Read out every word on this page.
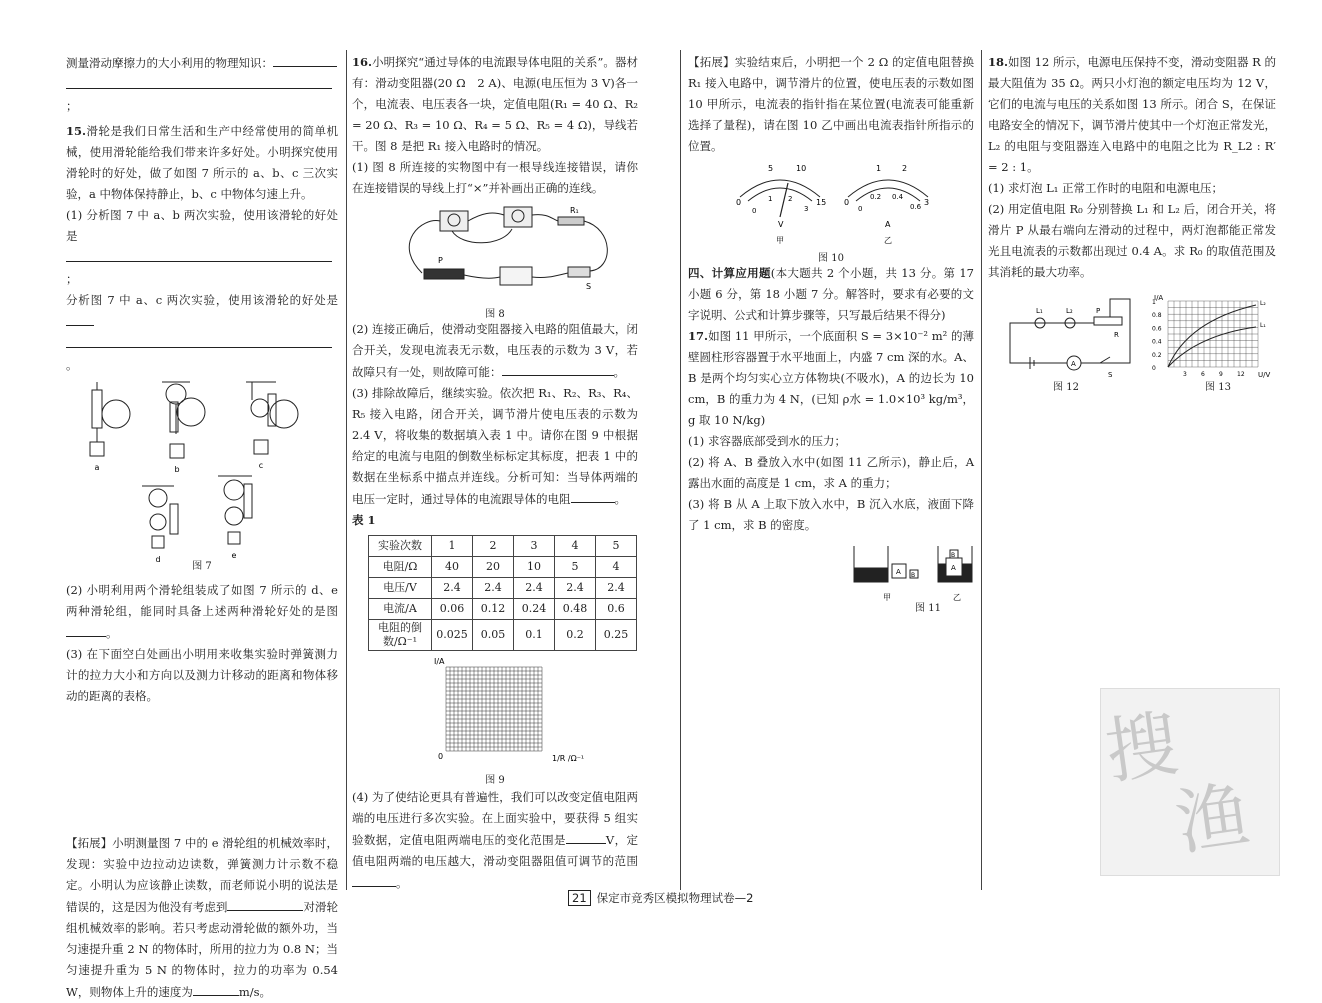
测量滑动摩擦力的大小利用的物理知识：

；

15.滑轮是我们日常生活和生产中经常使用的简单机械，使用滑轮能给我们带来许多好处。小明探究使用滑轮时的好处，做了如图 7 所示的 a、b、c 三次实验，a 中物体保持静止，b、c 中物体匀速上升。

(1) 分析图 7 中 a、b 两次实验，使用该滑轮的好处是

；

分析图 7 中 a、c 两次实验，使用该滑轮的好处是

。

a	b	c
d	e
图 7

(2) 小明利用两个滑轮组装成了如图 7 所示的 d、e 两种滑轮组，能同时具备上述两种滑轮好处的是图。

(3) 在下面空白处画出小明用来收集实验时弹簧测力计的拉力大小和方向以及测力计移动的距离和物体移动的距离的表格。

【拓展】小明测量图 7 中的 e 滑轮组的机械效率时，发现：实验中边拉动边读数，弹簧测力计示数不稳定。小明认为应该静止读数，而老师说小明的说法是错误的，这是因为他没有考虑到	对滑轮组机械效率的影响。若只考虑动滑轮做的额外功，当匀速提升重 2 N 的物体时，所用的拉力为 0.8 N；当匀速提升重为 5 N 的物体时，拉力的功率为 0.54 W，则物体上升的速度为	m/s。

16.小明探究“通过导体的电流跟导体电阻的关系”。器材有：滑动变阻器(20 Ω　2 A)、电源(电压恒为 3 V)各一个，电流表、电压表各一块，定值电阻(R₁ = 40 Ω、R₂ = 20 Ω、R₃ = 10 Ω、R₄ = 5 Ω、R₅ = 4 Ω)，导线若干。图 8 是把 R₁ 接入电路时的情况。

(1) 图 8 所连接的实物图中有一根导线连接错误，请你在连接错误的导线上打“×”并补画出正确的连线。

R₁
P
S
图 8

(2) 连接正确后，使滑动变阻器接入电路的阻值最大，闭合开关，发现电流表无示数，电压表的示数为 3 V，若故障只有一处，则故障可能：	。

(3) 排除故障后，继续实验。依次把 R₁、R₂、R₃、R₄、R₅ 接入电路，闭合开关，调节滑片使电压表的示数为 2.4 V，将收集的数据填入表 1 中。请你在图 9 中根据给定的电流与电阻的倒数坐标标定其标度，把表 1 中的数据在坐标系中描点并连线。分析可知：当导体两端的电压一定时，通过导体的电流跟导体的电阻	。

表 1

实验次数	1	2	3	4	5
电阻/Ω	40	20	10	5	4
电压/V	2.4	2.4	2.4	2.4	2.4
电流/A	0.06	0.12	0.24	0.48	0.6
电阻的倒数/Ω⁻¹	0.025	0.05	0.1	0.2	0.25
I/A
0	1/R /Ω⁻¹
图 9

(4) 为了使结论更具有普遍性，我们可以改变定值电阻两端的电压进行多次实验。在上面实验中，要获得 5 组实验数据，定值电阻两端电压的变化范围是	V，定值电阻两端的电压越大，滑动变阻器阻值可调节的范围。

【拓展】实验结束后，小明把一个 2 Ω 的定值电阻替换 R₁ 接入电路中，调节滑片的位置，使电压表的示数如图 10 甲所示，电流表的指针指在某位置(电流表可能重新选择了量程)，请在图 10 乙中画出电流表指针所指示的位置。

5	10
0	15
0
1 2
3
1	2
0	3
0
0.2 0.4
0.6
V	A
甲	乙
图 10

四、计算应用题(本大题共 2 个小题，共 13 分。第 17 小题 6 分，第 18 小题 7 分。解答时，要求有必要的文字说明、公式和计算步骤等，只写最后结果不得分)

17.如图 11 甲所示，一个底面积 S = 3×10⁻² m² 的薄壁圆柱形容器置于水平地面上，内盛 7 cm 深的水。A、B 是两个均匀实心立方体物块(不吸水)，A 的边长为 10 cm，B 的重力为 4 N，(已知 ρ水 = 1.0×10³ kg/m³，g 取 10 N/kg)

(1) 求容器底部受到水的压力；

(2) 将 A、B 叠放入水中(如图 11 乙所示)，静止后，A 露出水面的高度是 1 cm，求 A 的重力；

(3) 将 B 从 A 上取下放入水中，B 沉入水底，液面下降了 1 cm，求 B 的密度。

A B
B
A
甲	乙
图 11

18.如图 12 所示，电源电压保持不变，滑动变阻器 R 的最大阻值为 35 Ω。两只小灯泡的额定电压均为 12 V，它们的电流与电压的关系如图 13 所示。闭合 S，在保证电路安全的情况下，调节滑片使其中一个灯泡正常发光，L₂ 的电阻与变阻器连入电路中的电阻之比为 R_L2 : R′ = 2 : 1。

(1) 求灯泡 L₁ 正常工作时的电阻和电源电压；

(2) 用定值电阻 R₀ 分别替换 L₁ 和 L₂ 后，闭合开关，将滑片 P 从最右端向左滑动的过程中，两灯泡都能正常发光且电流表的示数都出现过 0.4 A。求 R₀ 的取值范围及其消耗的最大功率。

L₁	L₂	P
R
A
S
图 12
I/A
U/V
1
0.8
0.6
0.4
0.2
0
3 6 9 12
L₂
L₁
图 13
搜
渔
21 保定市竞秀区模拟物理试卷—2
